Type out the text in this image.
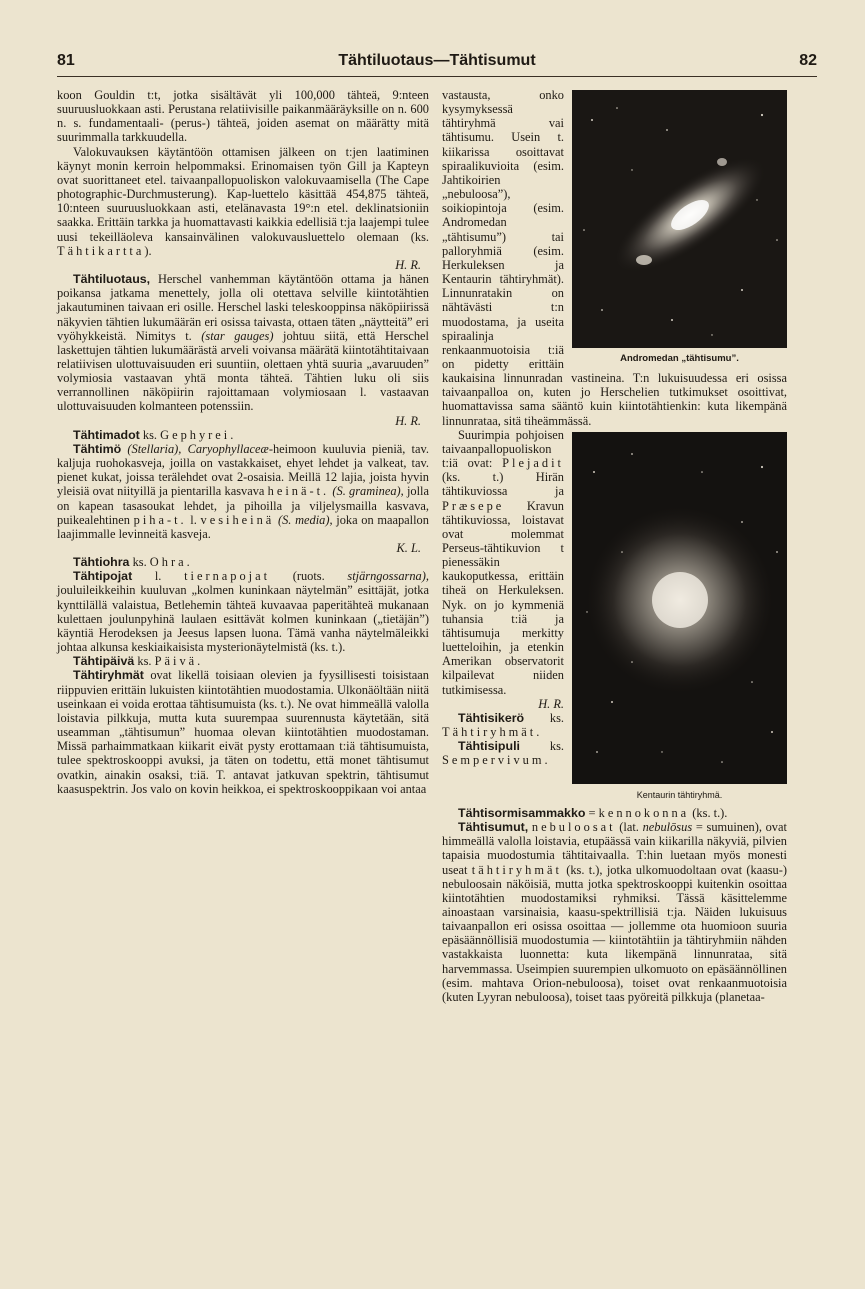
81	Tähtiluotaus—Tähtisumut	82

koon Gouldin t:t, jotka sisältävät yli 100,000 tähteä, 9:nteen suuruusluokkaan asti. Perustana relatiivisille paikanmääräyksille on n. 600 n. s. fundamentaali- (perus-) tähteä, joiden asemat on määrätty mitä suurimmalla tarkkuudella.

Valokuvauksen käytäntöön ottamisen jälkeen on t:jen laatiminen käynyt monin kerroin helpommaksi. Erinomaisen työn Gill ja Kapteyn ovat suorittaneet etel. taivaanpallopuoliskon valokuvaamisella (The Cape photographic-Durchmusterung). Kap-luettelo käsittää 454,875 tähteä, 10:nteen suuruusluokkaan asti, etelänavasta 19°:n etel. deklinatsioniin saakka. Erittäin tarkka ja huomattavasti kaikkia edellisiä t:ja laajempi tulee uusi tekeilläoleva kansainvälinen valokuvausluettelo olemaan (ks. Tähtikartta).

H. R.

Tähtiluotaus, Herschel vanhemman käytäntöön ottama ja hänen poikansa jatkama menettely, jolla oli otettava selville kiintotähtien jakautuminen taivaan eri osille. Herschel laski teleskooppinsa näköpiirissä näkyvien tähtien lukumäärän eri osissa taivasta, ottaen täten „näytteitä” eri vyöhykkeistä. Nimitys t. (star gauges) johtuu siitä, että Herschel laskettujen tähtien lukumäärästä arveli voivansa määrätä kiintotähtitaivaan relatiivisen ulottuvaisuuden eri suuntiin, olettaen yhtä suuria „avaruuden” volymiosia vastaavan yhtä monta tähteä. Tähtien luku oli siis verrannollinen näköpiirin rajoittamaan volymiosaan l. vastaavan ulottuvaisuuden kolmanteen potenssiin.

H. R.

Tähtimadot ks. Gephyrei.

Tähtimö (Stellaria), Caryophyllaceæ-heimoon kuuluvia pieniä, tav. kaljuja ruohokasveja, joilla on vastakkaiset, ehyet lehdet ja valkeat, tav. pienet kukat, joissa terälehdet ovat 2-osaisia. Meillä 12 lajia, joista hyvin yleisiä ovat niityillä ja pientarilla kasvava heinä-t. (S. graminea), jolla on kapean tasasoukat lehdet, ja pihoilla ja viljelysmailla kasvava, puikealehtinen piha-t. l. vesiheinä (S. media), joka on maapallon laajimmalle levinneitä kasveja.

K. L.

Tähtiohra ks. Ohra.

Tähtipojat l. tiernapojat (ruots. stjärngossarna), jouluileikkeihin kuuluvan „kolmen kuninkaan näytelmän” esittäjät, jotka kynttilällä valaistua, Betlehemin tähteä kuvaavaa paperitähteä mukanaan kulettaen joulunpyhinä laulaen esittävät kolmen kuninkaan („tietäjän”) käyntiä Herodeksen ja Jeesus lapsen luona. Tämä vanha näytelmäleikki johtaa alkunsa keskiaikaisista mysterionäytelmistä (ks. t.).

Tähtipäivä ks. Päivä.

Tähtiryhmät ovat likellä toisiaan olevien ja fyysillisesti toisistaan riippuvien erittäin lukuisten kiintotähtien muodostamia. Ulkonäöltään niitä useinkaan ei voida erottaa tähtisumuista (ks. t.). Ne ovat himmeällä valolla loistavia pilkkuja, mutta kuta suurempaa suurennusta käytetään, sitä useamman „tähtisumun” huomaa olevan kiintotähtien muodostaman. Missä parhaimmatkaan kiikarit eivät pysty erottamaan t:iä tähtisumuista, tulee spektroskooppi avuksi, ja täten on todettu, että monet tähtisumut ovatkin, ainakin osaksi, t:iä. T. antavat jatkuvan spektrin, tähtisumut kaasuspektrin. Jos valo on kovin heikkoa, ei spektroskooppikaan voi antaa

Andromedan „tähtisumu”.

vastausta, onko kysymyksessä tähtiryhmä vai tähtisumu. Usein t. kiikarissa osoittavat spiraalikuvioita (esim. Jahtikoirien „nebuloosa”), soikiopintoja (esim. Andromedan „tähtisumu”) tai palloryhmiä (esim. Herkuleksen ja Kentaurin tähtiryhmät). Linnunratakin on nähtävästi t:n muodostama, ja useita spiraalinja renkaanmuotoisia t:iä on pidetty erittäin kaukaisina linnunradan vastineina. T:n lukuisuudessa eri osissa taivaanpalloa on, kuten jo Herschelien tutkimukset osoittivat, huomattavissa sama sääntö kuin kiintotähtienkin: kuta likempänä linnunrataa, sitä tiheämmässä.

Kentaurin tähtiryhmä.

Suurimpia pohjoisen taivaanpallopuoliskon t:iä ovat: Plejadit (ks. t.) Hirän tähtikuviossa ja Præsepe Kravun tähtikuviossa, loistavat ovat molemmat Perseus-tähtikuvion t pienessäkin kaukoputkessa, erittäin tiheä on Herkuleksen. Nyk. on jo kymmeniä tuhansia t:iä ja tähtisumuja merkitty luetteloihin, ja etenkin Amerikan observatorit kilpailevat niiden tutkimisessa.

H. R.

Tähtisikerö ks. Tähtiryhmät.

Tähtisipuli ks. Sempervivum.

Tähtisormisammakko = kennokonna (ks. t.).

Tähtisumut, nebuloosat (lat. nebulōsus = sumuinen), ovat himmeällä valolla loistavia, etupäässä vain kiikarilla näkyviä, pilvien tapaisia muodostumia tähtitaivaalla. T:hin luetaan myös monesti useat tähtiryhmät (ks. t.), jotka ulkomuodoltaan ovat (kaasu-) nebuloosain näköisiä, mutta jotka spektroskooppi kuitenkin osoittaa kiintotähtien muodostamiksi ryhmiksi. Tässä käsittelemme ainoastaan varsinaisia, kaasu-spektrillisiä t:ja. Näiden lukuisuus taivaanpallon eri osissa osoittaa — jollemme ota huomioon suuria epäsäännöllisiä muodostumia — kiintotähtiin ja tähtiryhmiin nähden vastakkaista luonnetta: kuta likempänä linnunrataa, sitä harvemmassa. Useimpien suurempien ulkomuoto on epäsäännöllinen (esim. mahtava Orion-nebuloosa), toiset ovat renkaanmuotoisia (kuten Lyyran nebuloosa), toiset taas pyöreitä pilkkuja (planetaa-
